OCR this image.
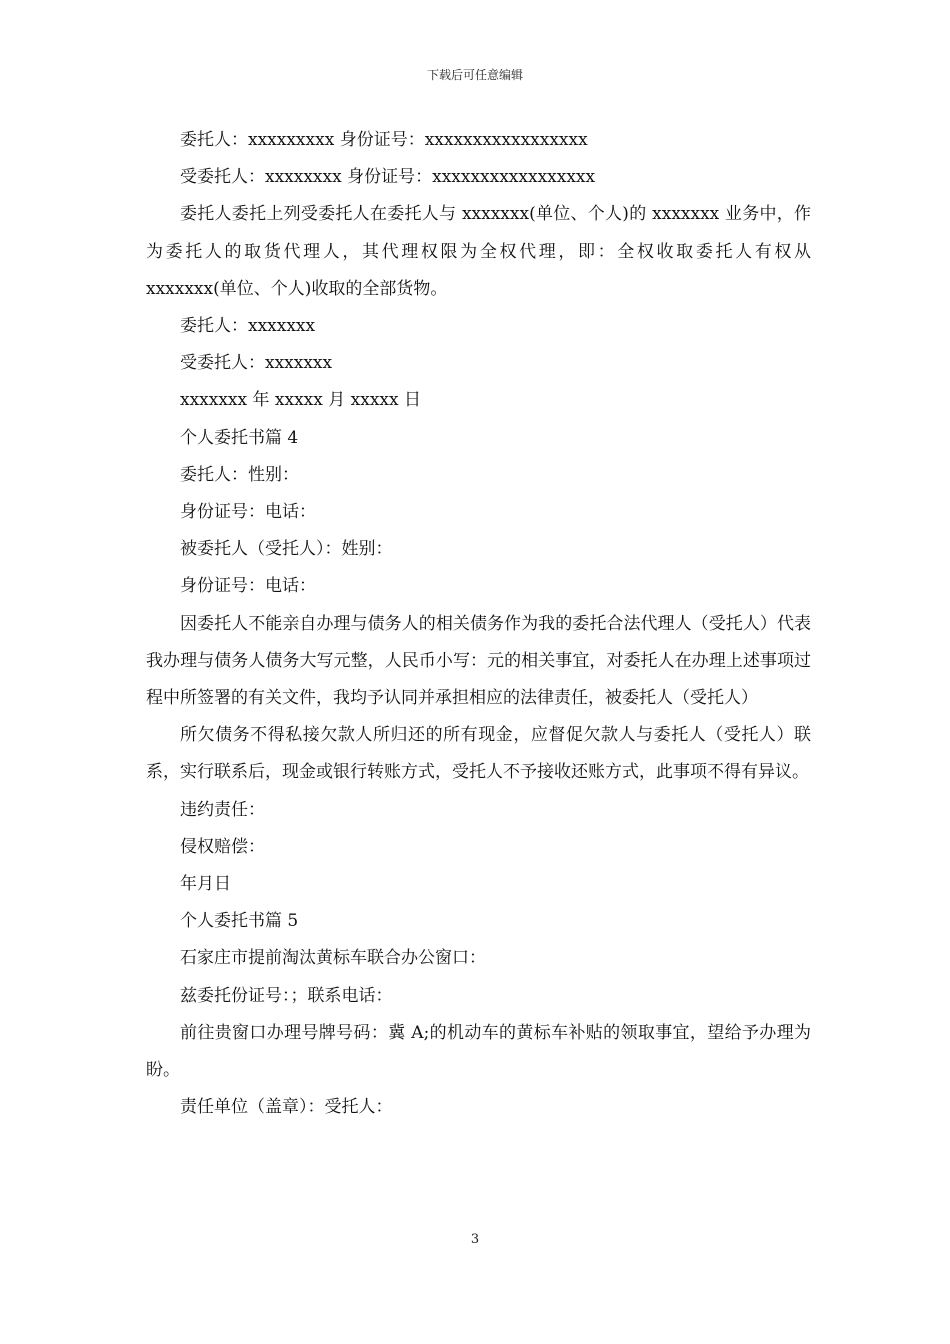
下载后可任意编辑

委托人：xxxxxxxxx 身份证号：xxxxxxxxxxxxxxxxx

受委托人：xxxxxxxx 身份证号：xxxxxxxxxxxxxxxxx

委托人委托上列受委托人在委托人与 xxxxxxx(单位、个人)的 xxxxxxx 业务中，作为委托人的取货代理人，其代理权限为全权代理，即：全权收取委托人有权从 xxxxxxx(单位、个人)收取的全部货物。

委托人：xxxxxxx

受委托人：xxxxxxx

xxxxxxx 年 xxxxx 月 xxxxx 日

个人委托书篇 4

委托人：性别：

身份证号：电话：

被委托人（受托人）：姓别：

身份证号：电话：

因委托人不能亲自办理与债务人的相关债务作为我的委托合法代理人（受托人）代表我办理与债务人债务大写元整，人民币小写：元的相关事宜，对委托人在办理上述事项过程中所签署的有关文件，我均予认同并承担相应的法律责任，被委托人（受托人）

所欠债务不得私接欠款人所归还的所有现金，应督促欠款人与委托人（受托人）联系，实行联系后，现金或银行转账方式，受托人不予接收还账方式，此事项不得有异议。

违约责任：

侵权赔偿：

年月日

个人委托书篇 5

石家庄市提前淘汰黄标车联合办公窗口：

兹委托份证号：；联系电话：

前往贵窗口办理号牌号码：冀 A;的机动车的黄标车补贴的领取事宜，望给予办理为盼。

责任单位（盖章）：受托人：

3
